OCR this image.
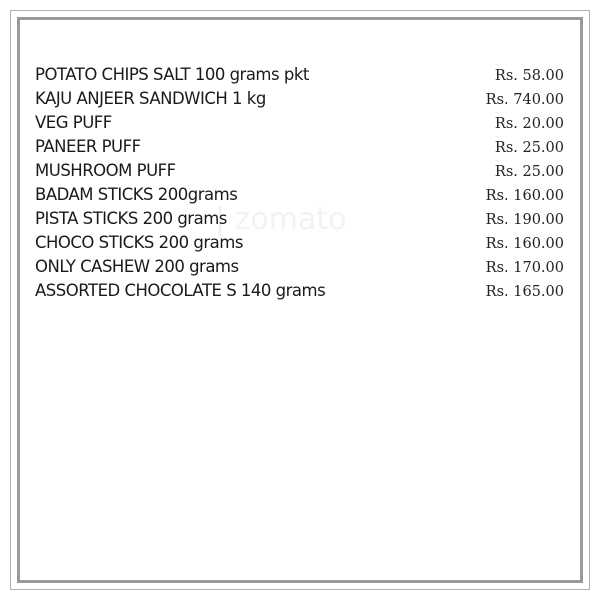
| zomato
POTATO CHIPS SALT 100 grams pkt	Rs. 58.00
KAJU ANJEER SANDWICH 1 kg	Rs. 740.00
VEG PUFF	Rs. 20.00
PANEER PUFF	Rs. 25.00
MUSHROOM PUFF	Rs. 25.00
BADAM STICKS 200grams	Rs. 160.00
PISTA STICKS 200 grams	Rs. 190.00
CHOCO STICKS 200 grams	Rs. 160.00
ONLY CASHEW 200 grams	Rs. 170.00
ASSORTED CHOCOLATE S 140 grams	Rs. 165.00
